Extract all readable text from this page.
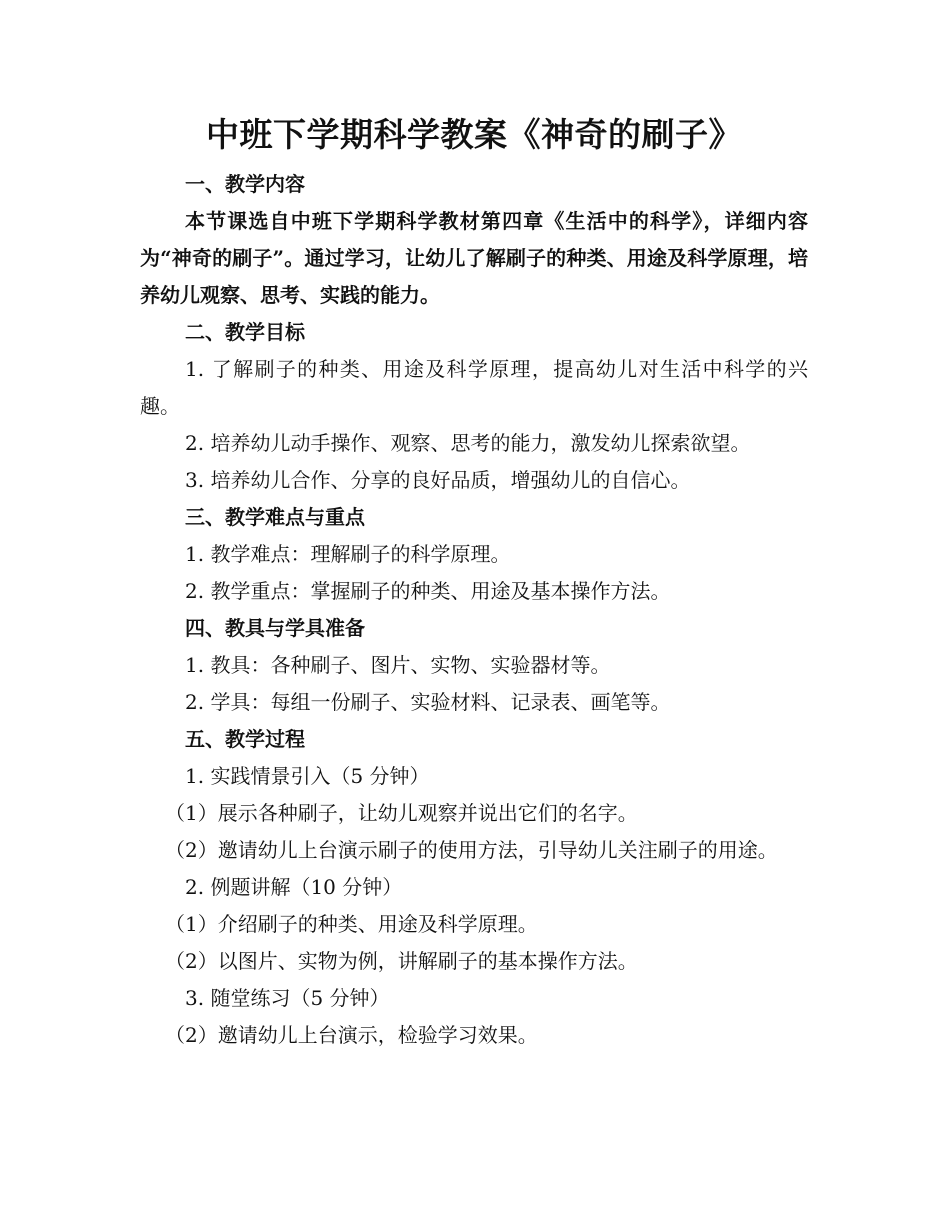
中班下学期科学教案《神奇的刷子》

一、教学内容

本节课选自中班下学期科学教材第四章《生活中的科学》，详细内容为“神奇的刷子”。通过学习，让幼儿了解刷子的种类、用途及科学原理，培养幼儿观察、思考、实践的能力。

二、教学目标

1. 了解刷子的种类、用途及科学原理，提高幼儿对生活中科学的兴趣。

2. 培养幼儿动手操作、观察、思考的能力，激发幼儿探索欲望。

3. 培养幼儿合作、分享的良好品质，增强幼儿的自信心。

三、教学难点与重点

1. 教学难点：理解刷子的科学原理。

2. 教学重点：掌握刷子的种类、用途及基本操作方法。

四、教具与学具准备

1. 教具：各种刷子、图片、实物、实验器材等。

2. 学具：每组一份刷子、实验材料、记录表、画笔等。

五、教学过程

1. 实践情景引入（5 分钟）

（1）展示各种刷子，让幼儿观察并说出它们的名字。

（2）邀请幼儿上台演示刷子的使用方法，引导幼儿关注刷子的用途。

2. 例题讲解（10 分钟）

（1）介绍刷子的种类、用途及科学原理。

（2）以图片、实物为例，讲解刷子的基本操作方法。

3. 随堂练习（5 分钟）

（2）邀请幼儿上台演示，检验学习效果。
